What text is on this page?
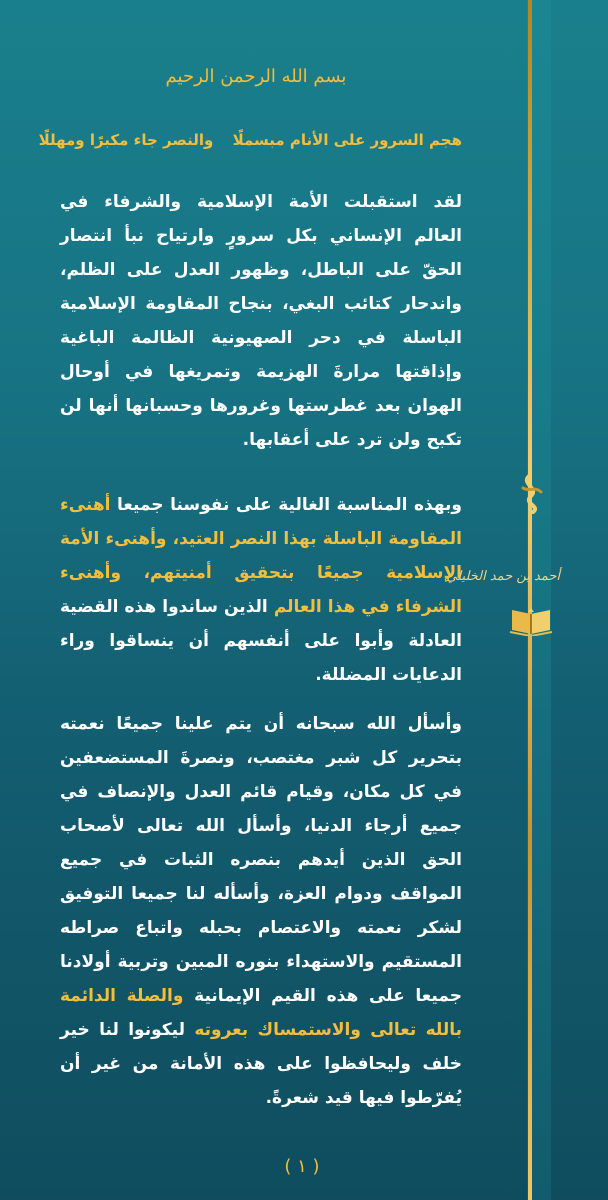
أحمد بن حمد الخليلي
بسم الله الرحمن الرحيم
هجم السرور على الأنام مبسملًا والنصر جاء مكبرًا ومهللًا

لقد استقبلت الأمة الإسلامية والشرفاء في العالم الإنساني بكل سرورٍ وارتياح نبأ انتصار الحقّ على الباطل، وظهور العدل على الظلم، واندحار كتائب البغي، بنجاح المقاومة الإسلامية الباسلة في دحر الصهيونية الظالمة الباغية وإذاقتها مرارةَ الهزيمة وتمريغها في أوحال الهوان بعد غطرستها وغرورها وحسبانها أنها لن تكبح ولن ترد على أعقابها.

وبهذه المناسبة الغالية على نفوسنا جميعا أهنىء المقاومة الباسلة بهذا النصر العتيد، وأهنىء الأمة الإسلامية جميعًا بتحقيق أمنيتهم، وأهنىء الشرفاء في هذا العالم الذين ساندوا هذه القضية العادلة وأبوا على أنفسهم أن ينساقوا وراء الدعايات المضللة.

وأسأل الله سبحانه أن يتم علينا جميعًا نعمته بتحرير كل شبر مغتصب، ونصرةَ المستضعفين في كل مكان، وقيام قائم العدل والإنصاف في جميع أرجاء الدنيا، وأسأل الله تعالى لأصحاب الحق الذين أيدهم بنصره الثبات في جميع المواقف ودوام العزة، وأسأله لنا جميعا التوفيق لشكر نعمته والاعتصام بحبله واتباع صراطه المستقيم والاستهداء بنوره المبين وتربية أولادنا جميعا على هذه القيم الإيمانية والصلة الدائمة بالله تعالى والاستمساك بعروته ليكونوا لنا خير خلف وليحافظوا على هذه الأمانة من غير أن يُفرّطوا فيها قيد شعرةً.

( ١ )
